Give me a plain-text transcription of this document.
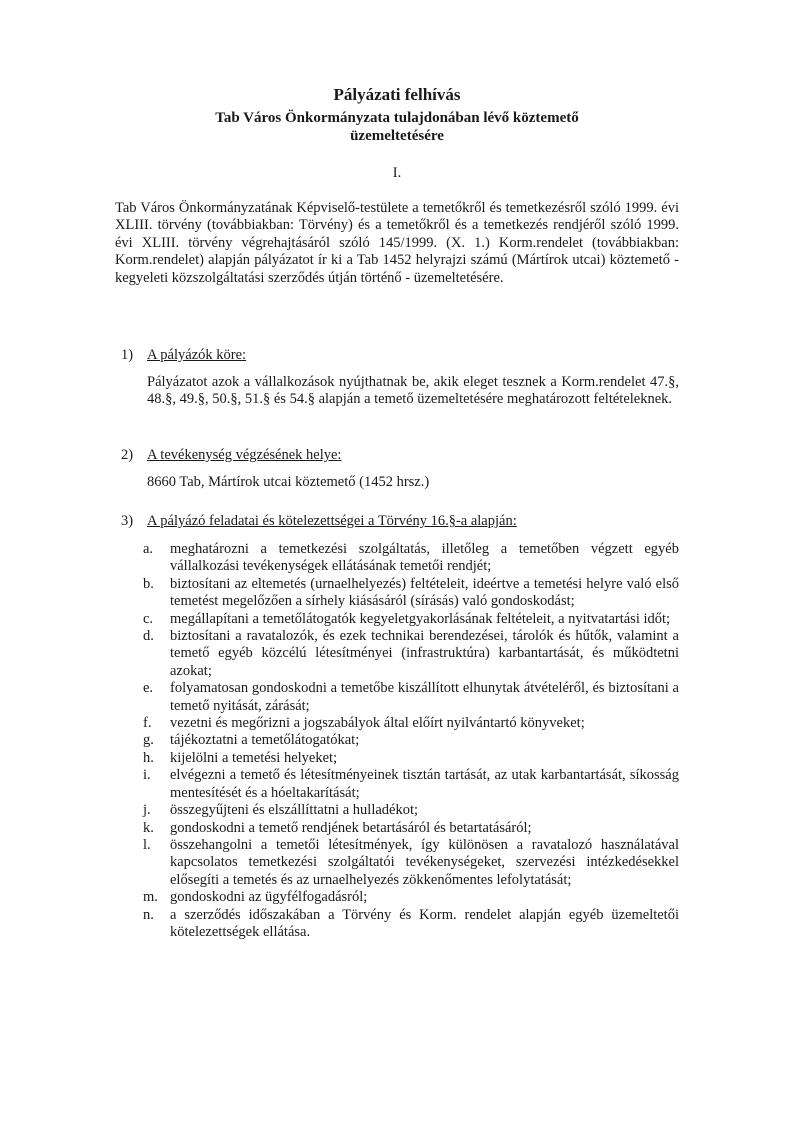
Pályázati felhívás
Tab Város Önkormányzata tulajdonában lévő köztemető
üzemeltetésére
I.
Tab Város Önkormányzatának Képviselő-testülete a temetőkről és temetkezésről szóló 1999. évi XLIII. törvény (továbbiakban: Törvény) és a temetőkről és a temetkezés rendjéről szóló 1999. évi XLIII. törvény végrehajtásáról szóló 145/1999. (X. 1.) Korm.rendelet (továbbiakban: Korm.rendelet) alapján pályázatot ír ki a Tab 1452 helyrajzi számú (Mártírok utcai) köztemető - kegyeleti közszolgáltatási szerződés útján történő - üzemeltetésére.
1) A pályázók köre:
Pályázatot azok a vállalkozások nyújthatnak be, akik eleget tesznek a Korm.rendelet 47.§, 48.§, 49.§, 50.§, 51.§ és 54.§ alapján a temető üzemeltetésére meghatározott feltételeknek.
2) A tevékenység végzésének helye:
8660 Tab, Mártírok utcai köztemető (1452 hrsz.)
3) A pályázó feladatai és kötelezettségei a Törvény 16.§-a alapján:
a. meghatározni a temetkezési szolgáltatás, illetőleg a temetőben végzett egyéb vállalkozási tevékenységek ellátásának temetői rendjét;
b. biztosítani az eltemetés (urnaelhelyezés) feltételeit, ideértve a temetési helyre való első temetést megelőzően a sírhely kiásásáról (sírásás) való gondoskodást;
c. megállapítani a temetőlátogatók kegyeletgyakorlásának feltételeit, a nyitvatartási időt;
d. biztosítani a ravatalozók, és ezek technikai berendezései, tárolók és hűtők, valamint a temető egyéb közcélú létesítményei (infrastruktúra) karbantartását, és működtetni azokat;
e. folyamatosan gondoskodni a temetőbe kiszállított elhunytak átvételéről, és biztosítani a temető nyitását, zárását;
f. vezetni és megőrizni a jogszabályok által előírt nyilvántartó könyveket;
g. tájékoztatni a temetőlátogatókat;
h. kijelölni a temetési helyeket;
i. elvégezni a temető és létesítményeinek tisztán tartását, az utak karbantartását, síkosság mentesítését és a hóeltakarítását;
j. összegyűjteni és elszállíttatni a hulladékot;
k. gondoskodni a temető rendjének betartásáról és betartatásáról;
l. összehangolni a temetői létesítmények, így különösen a ravatalozó használatával kapcsolatos temetkezési szolgáltatói tevékenységeket, szervezési intézkedésekkel elősegíti a temetés és az urnaelhelyezés zökkenőmentes lefolytatását;
m. gondoskodni az ügyfélfogadásról;
n. a szerződés időszakában a Törvény és Korm. rendelet alapján egyéb üzemeltetői kötelezettségek ellátása.
